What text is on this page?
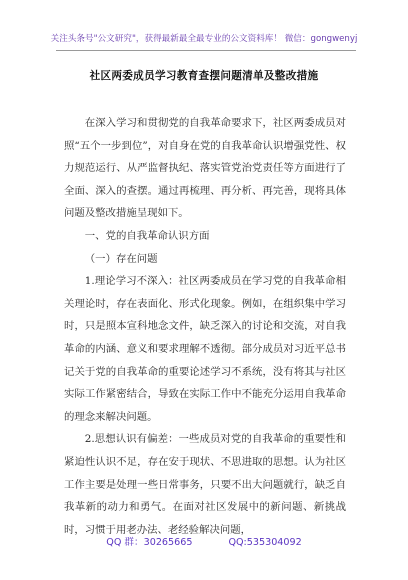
关注头条号"公文研究"，获得最新最全最专业的公文资料库！ 微信：gongwenyj
社区两委成员学习教育查摆问题清单及整改措施

在深入学习和贯彻党的自我革命要求下，社区两委成员对照“五个一步到位”，对自身在党的自我革命认识增强党性、权力规范运行、从严监督执纪、落实管党治党责任等方面进行了全面、深入的查摆。通过再梳理、再分析、再完善，现将具体问题及整改措施呈现如下。

一、党的自我革命认识方面

（一）存在问题

1.理论学习不深入：社区两委成员在学习党的自我革命相关理论时，存在表面化、形式化现象。例如，在组织集中学习时，只是照本宣科地念文件，缺乏深入的讨论和交流，对自我革命的内涵、意义和要求理解不透彻。部分成员对习近平总书记关于党的自我革命的重要论述学习不系统，没有将其与社区实际工作紧密结合，导致在实际工作中不能充分运用自我革命的理念来解决问题。

2.思想认识有偏差：一些成员对党的自我革命的重要性和紧迫性认识不足，存在安于现状、不思进取的思想。认为社区工作主要是处理一些日常事务，只要不出大问题就行，缺乏自我革新的动力和勇气。在面对社区发展中的新问题、新挑战时，习惯于用老办法、老经验解决问题，

QQ 群：30265665	QQ:535304092
